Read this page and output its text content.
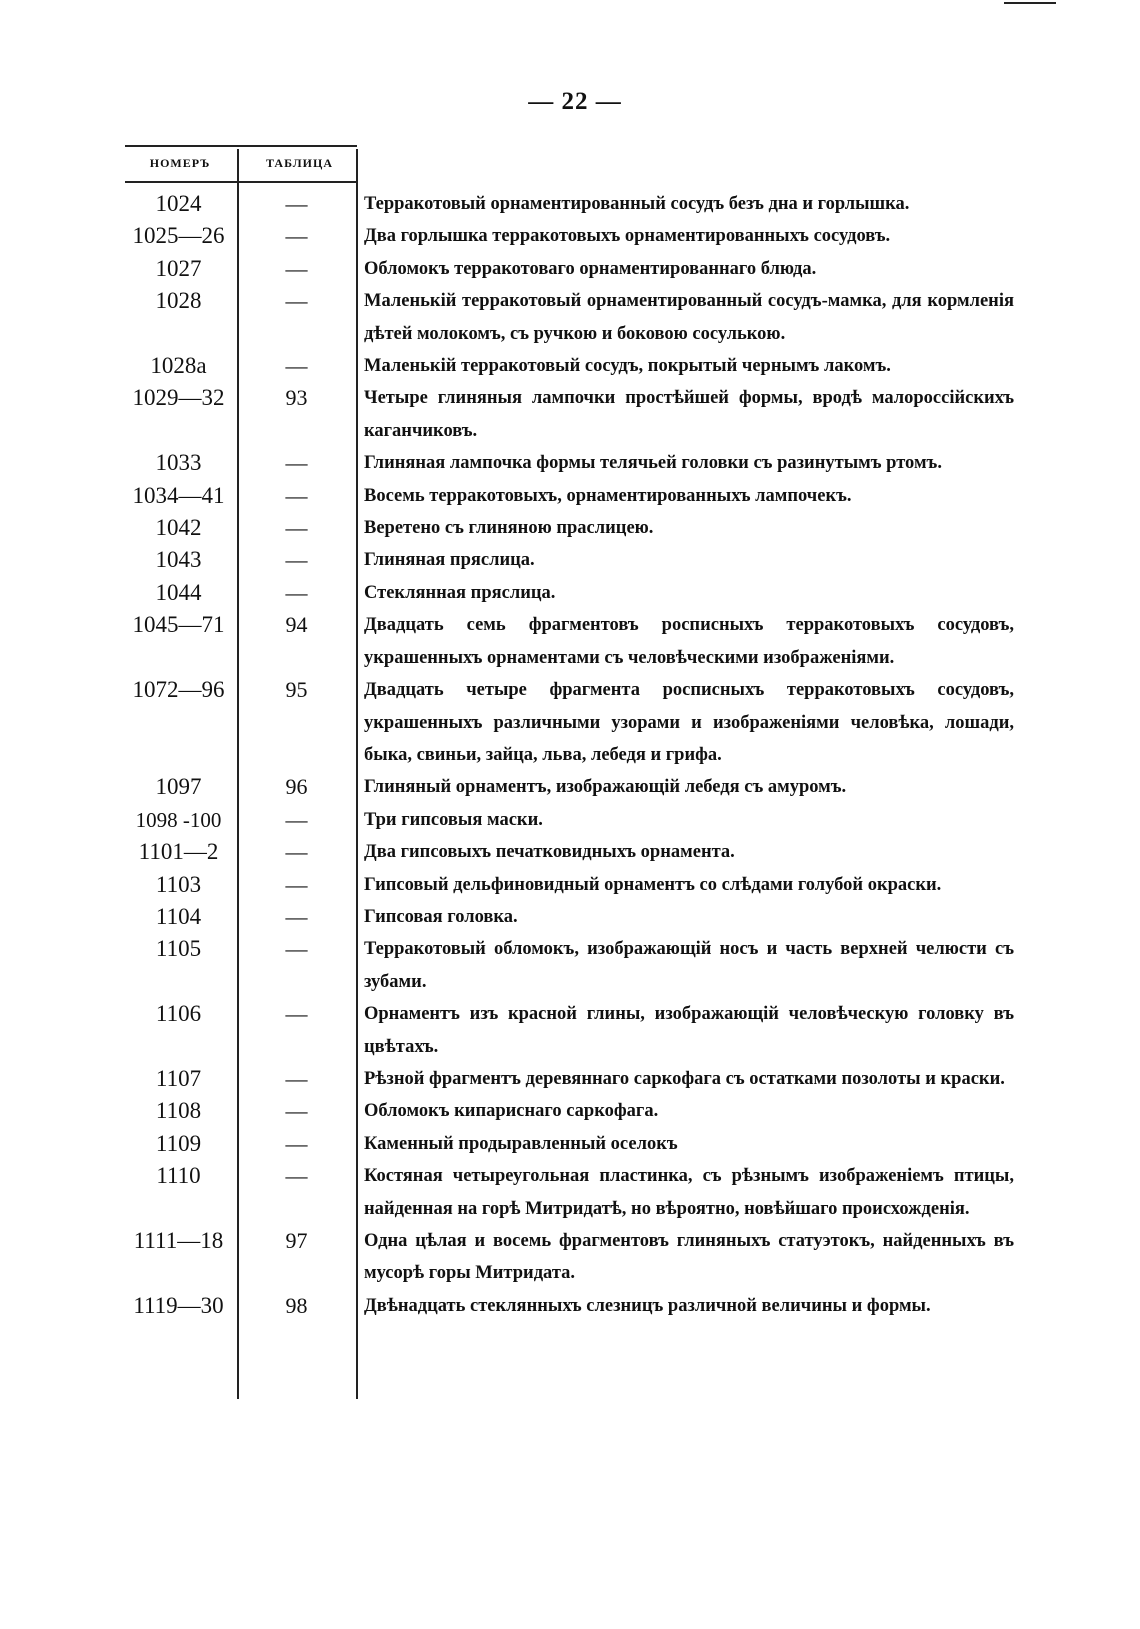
— 22 —
НОМЕРЪ	ТАБЛИЦА
1024	—	Терракотовый орнаментированный сосудъ безъ дна и горлышка.
1025—26	—	Два горлышка терракотовыхъ орнаментированныхъ сосудовъ.
1027	—	Обломокъ терракотоваго орнаментированнаго блюда.
1028	—	Маленькій терракотовый орнаментированный сосудъ-мамка, для кормленія дѣтей молокомъ, съ ручкою и боковою сосулькою.
1028a	—	Маленькій терракотовый сосудъ, покрытый чернымъ лакомъ.
1029—32	93	Четыре глиняныя лампочки простѣйшей формы, вродѣ малороссійскихъ каганчиковъ.
1033	—	Глиняная лампочка формы телячьей головки съ разинутымъ ртомъ.
1034—41	—	Восемь терракотовыхъ, орнаментированныхъ лампочекъ.
1042	—	Веретено съ глиняною праслицею.
1043	—	Глиняная пряслица.
1044	—	Стеклянная пряслица.
1045—71	94	Двадцать семь фрагментовъ росписныхъ терракотовыхъ сосудовъ, украшенныхъ орнаментами съ человѣческими изображеніями.
1072—96	95	Двадцать четыре фрагмента росписныхъ терракотовыхъ сосудовъ, украшенныхъ различными узорами и изображеніями человѣка, лошади, быка, свиньи, зайца, льва, лебедя и грифа.
1097	96	Глиняный орнаментъ, изображающій лебедя съ амуромъ.
1098 -100	—	Три гипсовыя маски.
1101—2	—	Два гипсовыхъ печатковидныхъ орнамента.
1103	—	Гипсовый дельфиновидный орнаментъ со слѣдами голубой окраски.
1104	—	Гипсовая головка.
1105	—	Терракотовый обломокъ, изображающій носъ и часть верхней челюсти съ зубами.
1106	—	Орнаментъ изъ красной глины, изображающій человѣческую головку въ цвѣтахъ.
1107	—	Рѣзной фрагментъ деревяннаго саркофага съ остатками позолоты и краски.
1108	—	Обломокъ кипариснаго саркофага.
1109	—	Каменный продыравленный оселокъ
1110	—	Костяная четыреугольная пластинка, съ рѣзнымъ изображеніемъ птицы, найденная на горѣ Митридатѣ, но вѣроятно, новѣйшаго происхожденія.
1111—18	97	Одна цѣлая и восемь фрагментовъ глиняныхъ статуэтокъ, найденныхъ въ мусорѣ горы Митридата.
1119—30	98	Двѣнадцать стеклянныхъ слезницъ различной величины и формы.
